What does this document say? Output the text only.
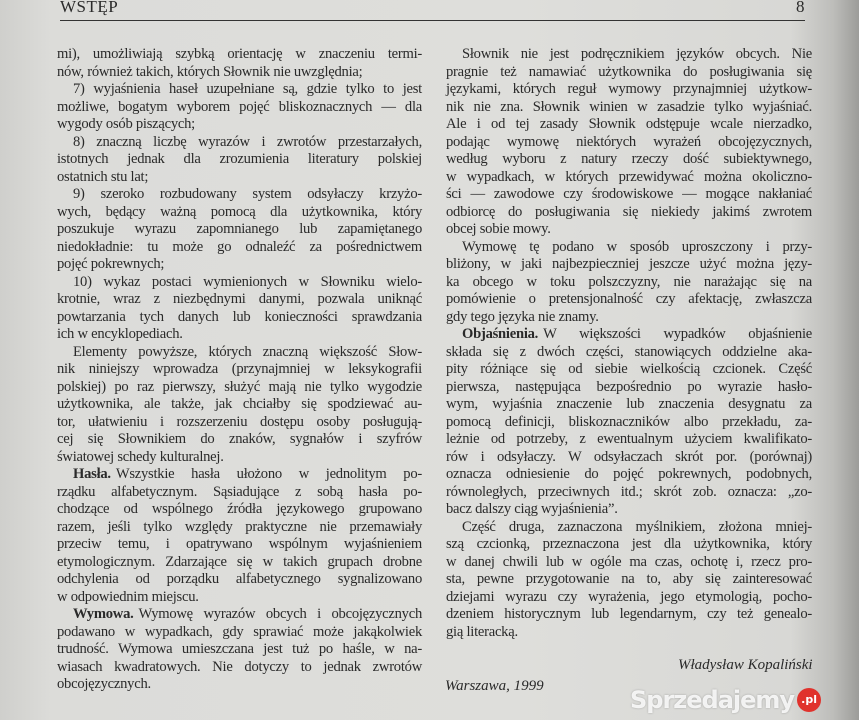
WSTĘP	8
mi), umożliwiają szybką orientację w znaczeniu termi-
nów, również takich, których Słownik nie uwzględnia;
7) wyjaśnienia haseł uzupełniane są, gdzie tylko to jest
możliwe, bogatym wyborem pojęć bliskoznacznych — dla
wygody osób piszących;
8) znaczną liczbę wyrazów i zwrotów przestarzałych,
istotnych jednak dla zrozumienia literatury polskiej
ostatnich stu lat;
9) szeroko rozbudowany system odsyłaczy krzyżo-
wych, będący ważną pomocą dla użytkownika, który
poszukuje wyrazu zapomnianego lub zapamiętanego
niedokładnie: tu może go odnaleźć za pośrednictwem
pojęć pokrewnych;
10) wykaz postaci wymienionych w Słowniku wielo-
krotnie, wraz z niezbędnymi danymi, pozwala uniknąć
powtarzania tych danych lub konieczności sprawdzania
ich w encyklopediach.
Elementy powyższe, których znaczną większość Słow-
nik niniejszy wprowadza (przynajmniej w leksykografii
polskiej) po raz pierwszy, służyć mają nie tylko wygodzie
użytkownika, ale także, jak chciałby się spodziewać au-
tor, ułatwieniu i rozszerzeniu dostępu osoby posługują-
cej się Słownikiem do znaków, sygnałów i szyfrów
światowej schedy kulturalnej.
Hasła. Wszystkie hasła ułożono w jednolitym po-
rządku alfabetycznym. Sąsiadujące z sobą hasła po-
chodzące od wspólnego źródła językowego grupowano
razem, jeśli tylko względy praktyczne nie przemawiały
przeciw temu, i opatrywano wspólnym wyjaśnieniem
etymologicznym. Zdarzające się w takich grupach drobne
odchylenia od porządku alfabetycznego sygnalizowano
w odpowiednim miejscu.
Wymowa. Wymowę wyrazów obcych i obcojęzycznych
podawano w wypadkach, gdy sprawiać może jakąkolwiek
trudność. Wymowa umieszczana jest tuż po haśle, w na-
wiasach kwadratowych. Nie dotyczy to jednak zwrotów
obcojęzycznych.
Słownik nie jest podręcznikiem języków obcych. Nie
pragnie też namawiać użytkownika do posługiwania się
językami, których reguł wymowy przynajmniej użytkow-
nik nie zna. Słownik winien w zasadzie tylko wyjaśniać.
Ale i od tej zasady Słownik odstępuje wcale nierzadko,
podając wymowę niektórych wyrażeń obcojęzycznych,
według wyboru z natury rzeczy dość subiektywnego,
w wypadkach, w których przewidywać można okoliczno-
ści — zawodowe czy środowiskowe — mogące nakłaniać
odbiorcę do posługiwania się niekiedy jakimś zwrotem
obcej sobie mowy.
Wymowę tę podano w sposób uproszczony i przy-
bliżony, w jaki najbezpieczniej jeszcze użyć można języ-
ka obcego w toku polszczyzny, nie narażając się na
pomówienie o pretensjonalność czy afektację, zwłaszcza
gdy tego języka nie znamy.
Objaśnienia. W większości wypadków objaśnienie
składa się z dwóch części, stanowiących oddzielne aka-
pity różniące się od siebie wielkością czcionek. Część
pierwsza, następująca bezpośrednio po wyrazie hasło-
wym, wyjaśnia znaczenie lub znaczenia desygnatu za
pomocą definicji, bliskoznaczników albo przekładu, za-
leżnie od potrzeby, z ewentualnym użyciem kwalifikato-
rów i odsyłaczy. W odsyłaczach skrót por. (porównaj)
oznacza odniesienie do pojęć pokrewnych, podobnych,
równoległych, przeciwnych itd.; skrót zob. oznacza: „zo-
bacz dalszy ciąg wyjaśnienia”.
Część druga, zaznaczona myślnikiem, złożona mniej-
szą czcionką, przeznaczona jest dla użytkownika, który
w danej chwili lub w ogóle ma czas, ochotę i, rzecz pro-
sta, pewne przygotowanie na to, aby się zainteresować
dziejami wyrazu czy wyrażenia, jego etymologią, pocho-
dzeniem historycznym lub legendarnym, czy też genealo-
gią literacką.
Władysław Kopaliński
Warszawa, 1999	Sprzedajemy .pl
